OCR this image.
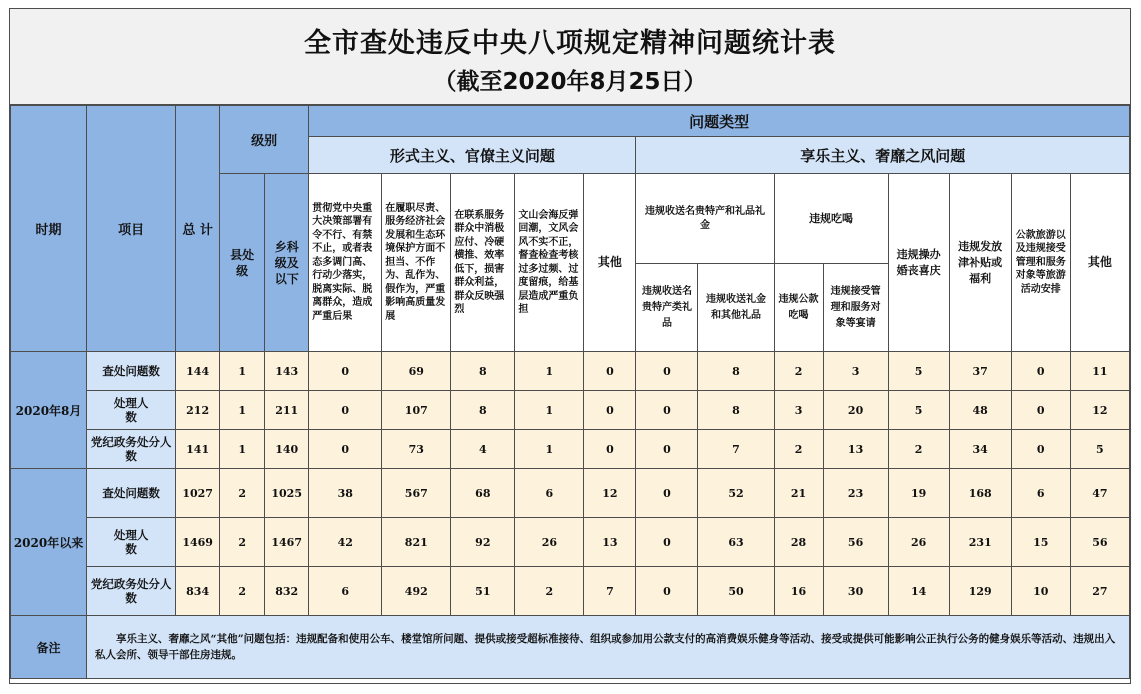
全市查处违反中央八项规定精神问题统计表
（截至2020年8月25日）
时期	项目	总 计	级别		问题类型												
					形式主义、官僚主义问题					享乐主义、奢靡之风问题							

			县处级	乡科级及以下	贯彻党中央重大决策部署有令不行、有禁不止，或者表态多调门高、行动少落实，脱离实际、脱离群众，造成严重后果	在履职尽责、服务经济社会发展和生态环境保护方面不担当、不作为、乱作为、假作为，严重影响高质量发展	在联系服务群众中消极应付、冷硬横推、效率低下，损害群众利益，群众反映强烈	文山会海反弹回潮，文风会风不实不正，督查检查考核过多过频、过度留痕，给基层造成严重负担	其他	违规收送名贵特产和礼品礼金		违规吃喝		违规操办婚丧喜庆	违规发放津补贴或福利	公款旅游以及违规接受管理和服务对象等旅游活动安排	其他

										违规收送名贵特产类礼品	违规收送礼金和其他礼品	违规公款吃喝	违规接受管理和服务对象等宴请				

2020年8月	查处问题数	144	1	143	0	69	8	1	0	0	8	2	3	5	37	0	11

	处理人数	212	1	211	0	107	8	1	0	0	8	3	20	5	48	0	12

	党纪政务处分人数	141	1	140	0	73	4	1	0	0	7	2	13	2	34	0	5
2020年以来	查处问题数	1027	2	1025	38	567	68	6	12	0	52	21	23	19	168	6	47

	处理人数	1469	2	1467	42	821	92	26	13	0	63	28	56	26	231	15	56

	党纪政务处分人数	834	2	832	6	492	51	2	7	0	50	16	30	14	129	10	27
备注	享乐主义、奢靡之风“其他”问题包括：违规配备和使用公车、楼堂馆所问题、提供或接受超标准接待、组织或参加用公款支付的高消费娱乐健身等活动、接受或提供可能影响公正执行公务的健身娱乐等活动、违规出入私人会所、领导干部住房违规。																
